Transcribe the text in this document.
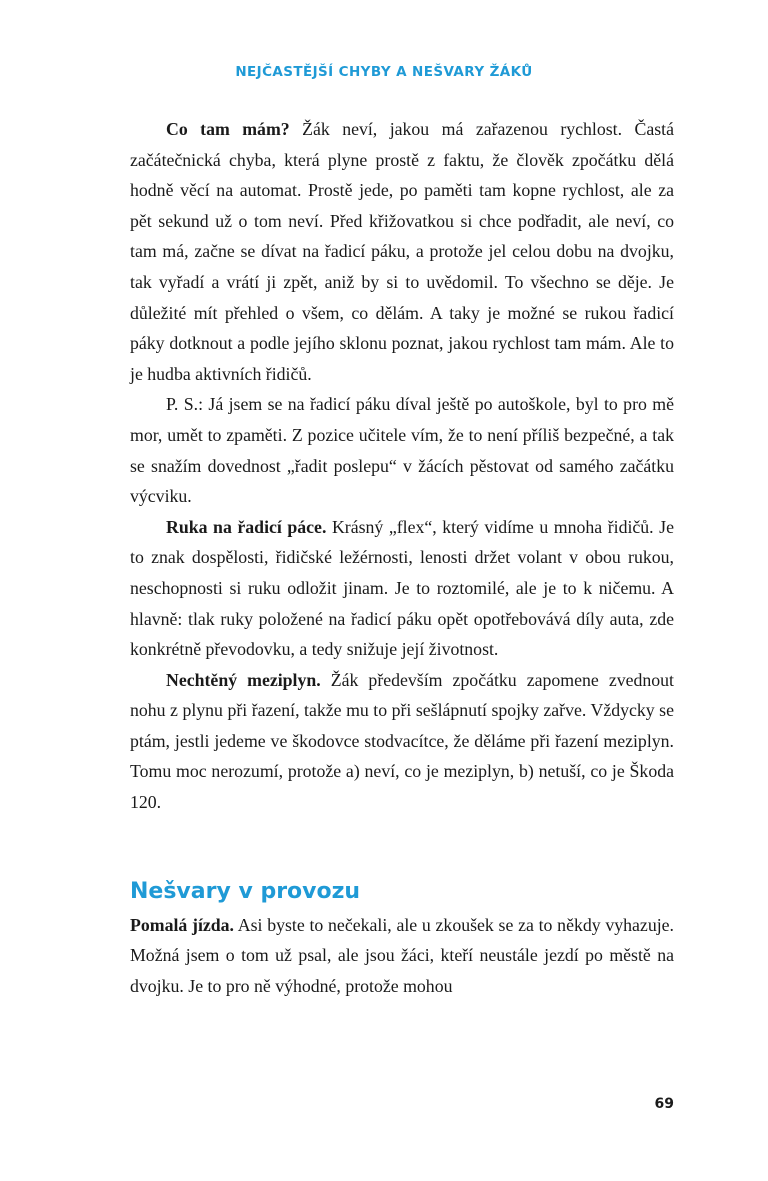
NEJČASTĚJŠÍ CHYBY A NEŠVARY ŽÁKŮ

Co tam mám? Žák neví, jakou má zařazenou rychlost. Častá začátečnická chyba, která plyne prostě z faktu, že člověk zpočátku dělá hodně věcí na automat. Prostě jede, po paměti tam kopne rychlost, ale za pět sekund už o tom neví. Před křižovatkou si chce podřadit, ale neví, co tam má, začne se dívat na řadicí páku, a protože jel celou dobu na dvojku, tak vyřadí a vrátí ji zpět, aniž by si to uvědomil. To všechno se děje. Je důležité mít přehled o všem, co dělám. A taky je možné se rukou řadicí páky dotknout a podle jejího sklonu poznat, jakou rychlost tam mám. Ale to je hudba aktivních řidičů.

P. S.: Já jsem se na řadicí páku díval ještě po autoškole, byl to pro mě mor, umět to zpaměti. Z pozice učitele vím, že to není příliš bezpečné, a tak se snažím dovednost „řadit poslepu“ v žácích pěstovat od samého začátku výcviku.

Ruka na řadicí páce. Krásný „flex“, který vidíme u mnoha řidičů. Je to znak dospělosti, řidičské ležérnosti, lenosti držet volant v obou rukou, neschopnosti si ruku odložit jinam. Je to roztomilé, ale je to k ničemu. A hlavně: tlak ruky položené na řadicí páku opět opotřebovává díly auta, zde konkrétně převodovku, a tedy snižuje její životnost.

Nechtěný meziplyn. Žák především zpočátku zapomene zvednout nohu z plynu při řazení, takže mu to při sešlápnutí spojky zařve. Vždycky se ptám, jestli jedeme ve škodovce stodvacítce, že děláme při řazení meziplyn. Tomu moc nerozumí, protože a) neví, co je meziplyn, b) netuší, co je Škoda 120.

Nešvary v provozu

Pomalá jízda. Asi byste to nečekali, ale u zkoušek se za to někdy vyhazuje. Možná jsem o tom už psal, ale jsou žáci, kteří neustále jezdí po městě na dvojku. Je to pro ně výhodné, protože mohou

69
